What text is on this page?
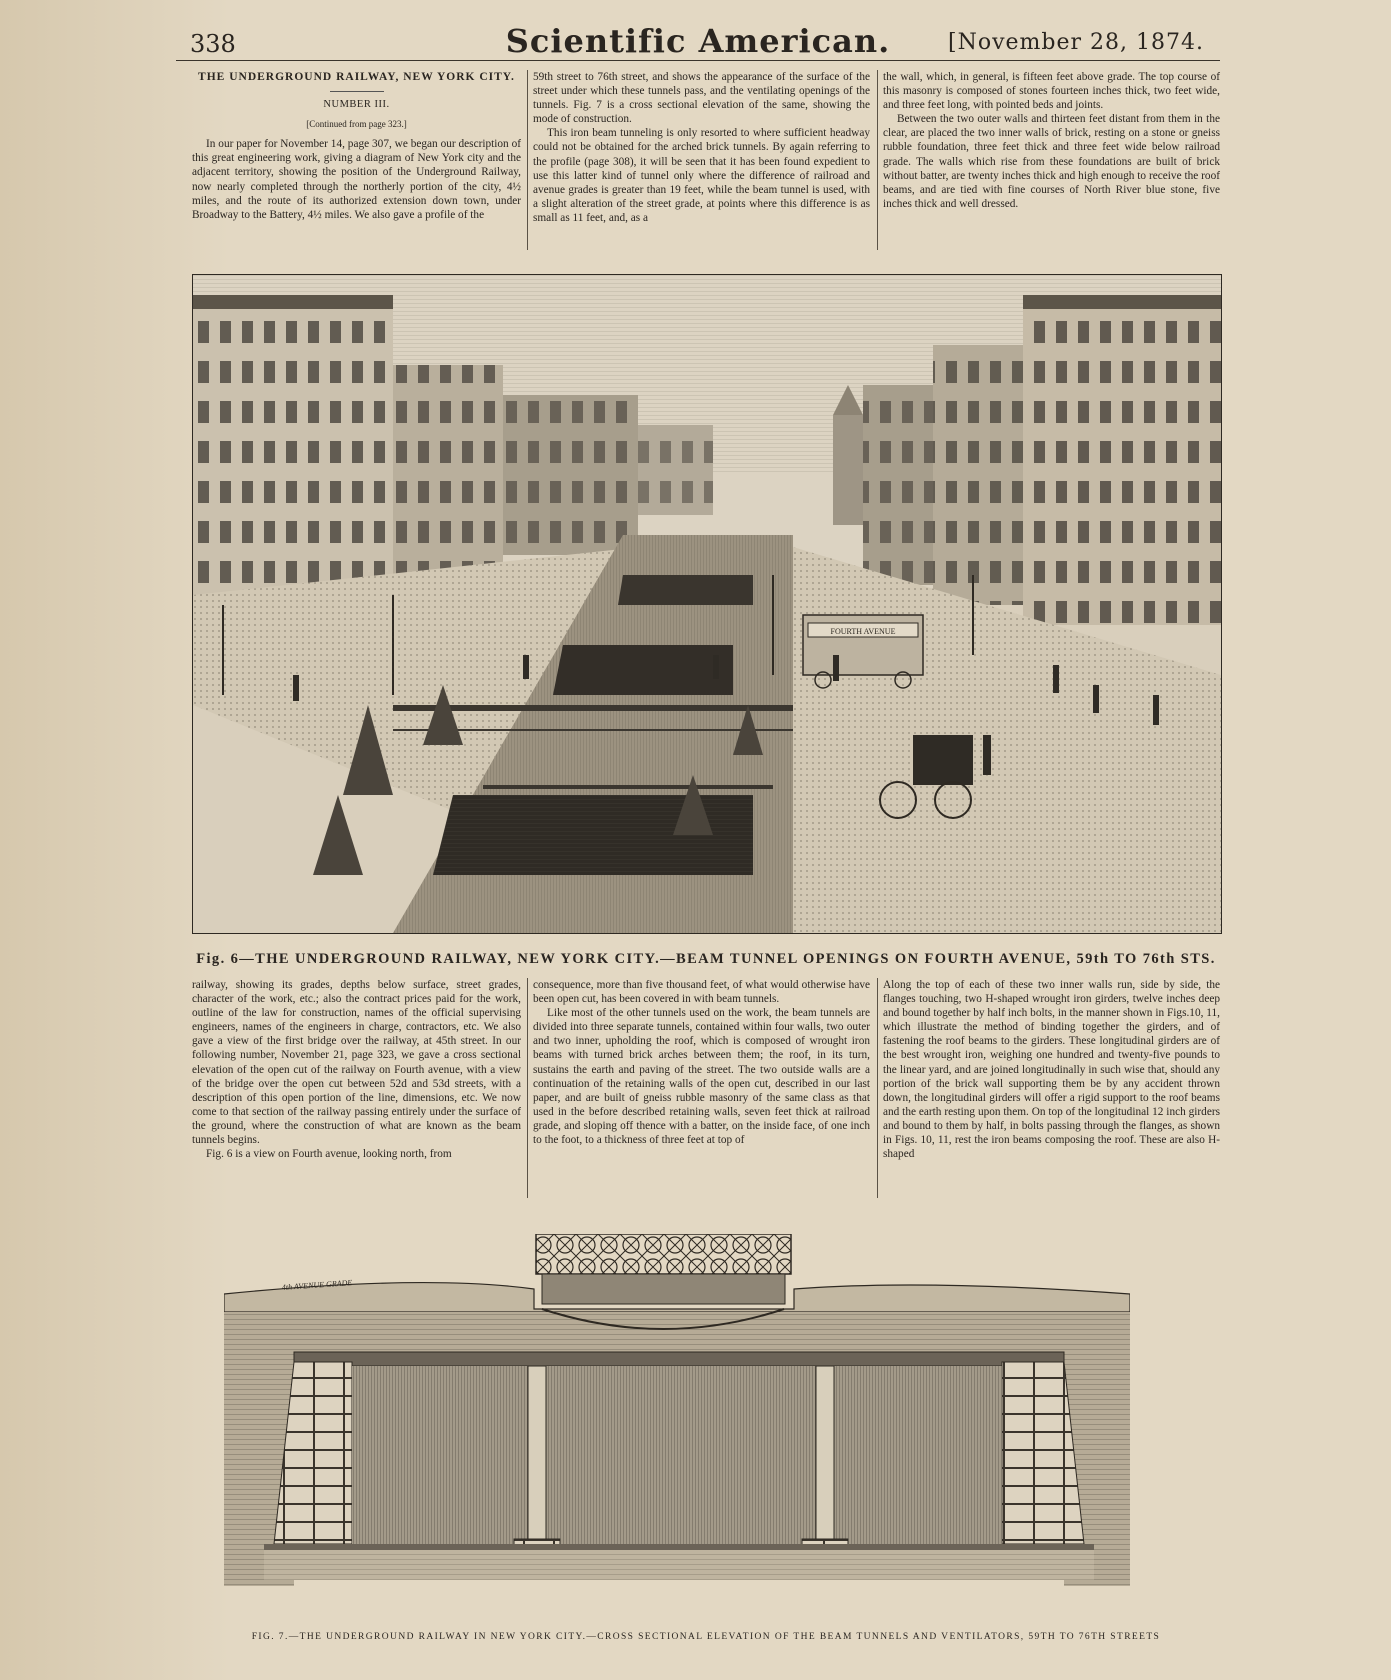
338	Scientific American.	[November 28, 1874.
THE UNDERGROUND RAILWAY, NEW YORK CITY.
NUMBER III.
[Continued from page 323.]

In our paper for November 14, page 307, we began our description of this great engineering work, giving a diagram of New York city and the adjacent territory, showing the position of the Underground Railway, now nearly completed through the northerly portion of the city, 4½ miles, and the route of its authorized extension down town, under Broadway to the Battery, 4½ miles. We also gave a profile of the

59th street to 76th street, and shows the appearance of the surface of the street under which these tunnels pass, and the ventilating openings of the tunnels. Fig. 7 is a cross sectional elevation of the same, showing the mode of construction.

This iron beam tunneling is only resorted to where sufficient headway could not be obtained for the arched brick tunnels. By again referring to the profile (page 308), it will be seen that it has been found expedient to use this latter kind of tunnel only where the difference of railroad and avenue grades is greater than 19 feet, while the beam tunnel is used, with a slight alteration of the street grade, at points where this difference is as small as 11 feet, and, as a

the wall, which, in general, is fifteen feet above grade. The top course of this masonry is composed of stones fourteen inches thick, two feet wide, and three feet long, with pointed beds and joints.

Between the two outer walls and thirteen feet distant from them in the clear, are placed the two inner walls of brick, resting on a stone or gneiss rubble foundation, three feet thick and three feet wide below railroad grade. The walls which rise from these foundations are built of brick without batter, are twenty inches thick and high enough to receive the roof beams, and are tied with fine courses of North River blue stone, five inches thick and well dressed.

FOURTH AVENUE
Fig. 6—THE UNDERGROUND RAILWAY, NEW YORK CITY.—BEAM TUNNEL OPENINGS ON FOURTH AVENUE, 59th TO 76th STS.

railway, showing its grades, depths below surface, street grades, character of the work, etc.; also the contract prices paid for the work, outline of the law for construction, names of the official supervising engineers, names of the engineers in charge, contractors, etc. We also gave a view of the first bridge over the railway, at 45th street. In our following number, November 21, page 323, we gave a cross sectional elevation of the open cut of the railway on Fourth avenue, with a view of the bridge over the open cut between 52d and 53d streets, with a description of this open portion of the line, dimensions, etc. We now come to that section of the railway passing entirely under the surface of the ground, where the construction of what are known as the beam tunnels begins.

Fig. 6 is a view on Fourth avenue, looking north, from

consequence, more than five thousand feet, of what would otherwise have been open cut, has been covered in with beam tunnels.

Like most of the other tunnels used on the work, the beam tunnels are divided into three separate tunnels, contained within four walls, two outer and two inner, upholding the roof, which is composed of wrought iron beams with turned brick arches between them; the roof, in its turn, sustains the earth and paving of the street. The two outside walls are a continuation of the retaining walls of the open cut, described in our last paper, and are built of gneiss rubble masonry of the same class as that used in the before described retaining walls, seven feet thick at railroad grade, and sloping off thence with a batter, on the inside face, of one inch to the foot, to a thickness of three feet at top of

Along the top of each of these two inner walls run, side by side, the flanges touching, two H-shaped wrought iron girders, twelve inches deep and bound together by half inch bolts, in the manner shown in Figs.10, 11, which illustrate the method of binding together the girders, and of fastening the roof beams to the girders. These longitudinal girders are of the best wrought iron, weighing one hundred and twenty-five pounds to the linear yard, and are joined longitudinally in such wise that, should any portion of the brick wall supporting them be by any accident thrown down, the longitudinal girders will offer a rigid support to the roof beams and the earth resting upon them. On top of the longitudinal 12 inch girders and bound to them by half, in bolts passing through the flanges, as shown in Figs. 10, 11, rest the iron beams composing the roof. These are also H-shaped

4th AVENUE GRADE
FIG. 7.—THE UNDERGROUND RAILWAY IN NEW YORK CITY.—CROSS SECTIONAL ELEVATION OF THE BEAM TUNNELS AND VENTILATORS, 59TH TO 76TH STREETS
